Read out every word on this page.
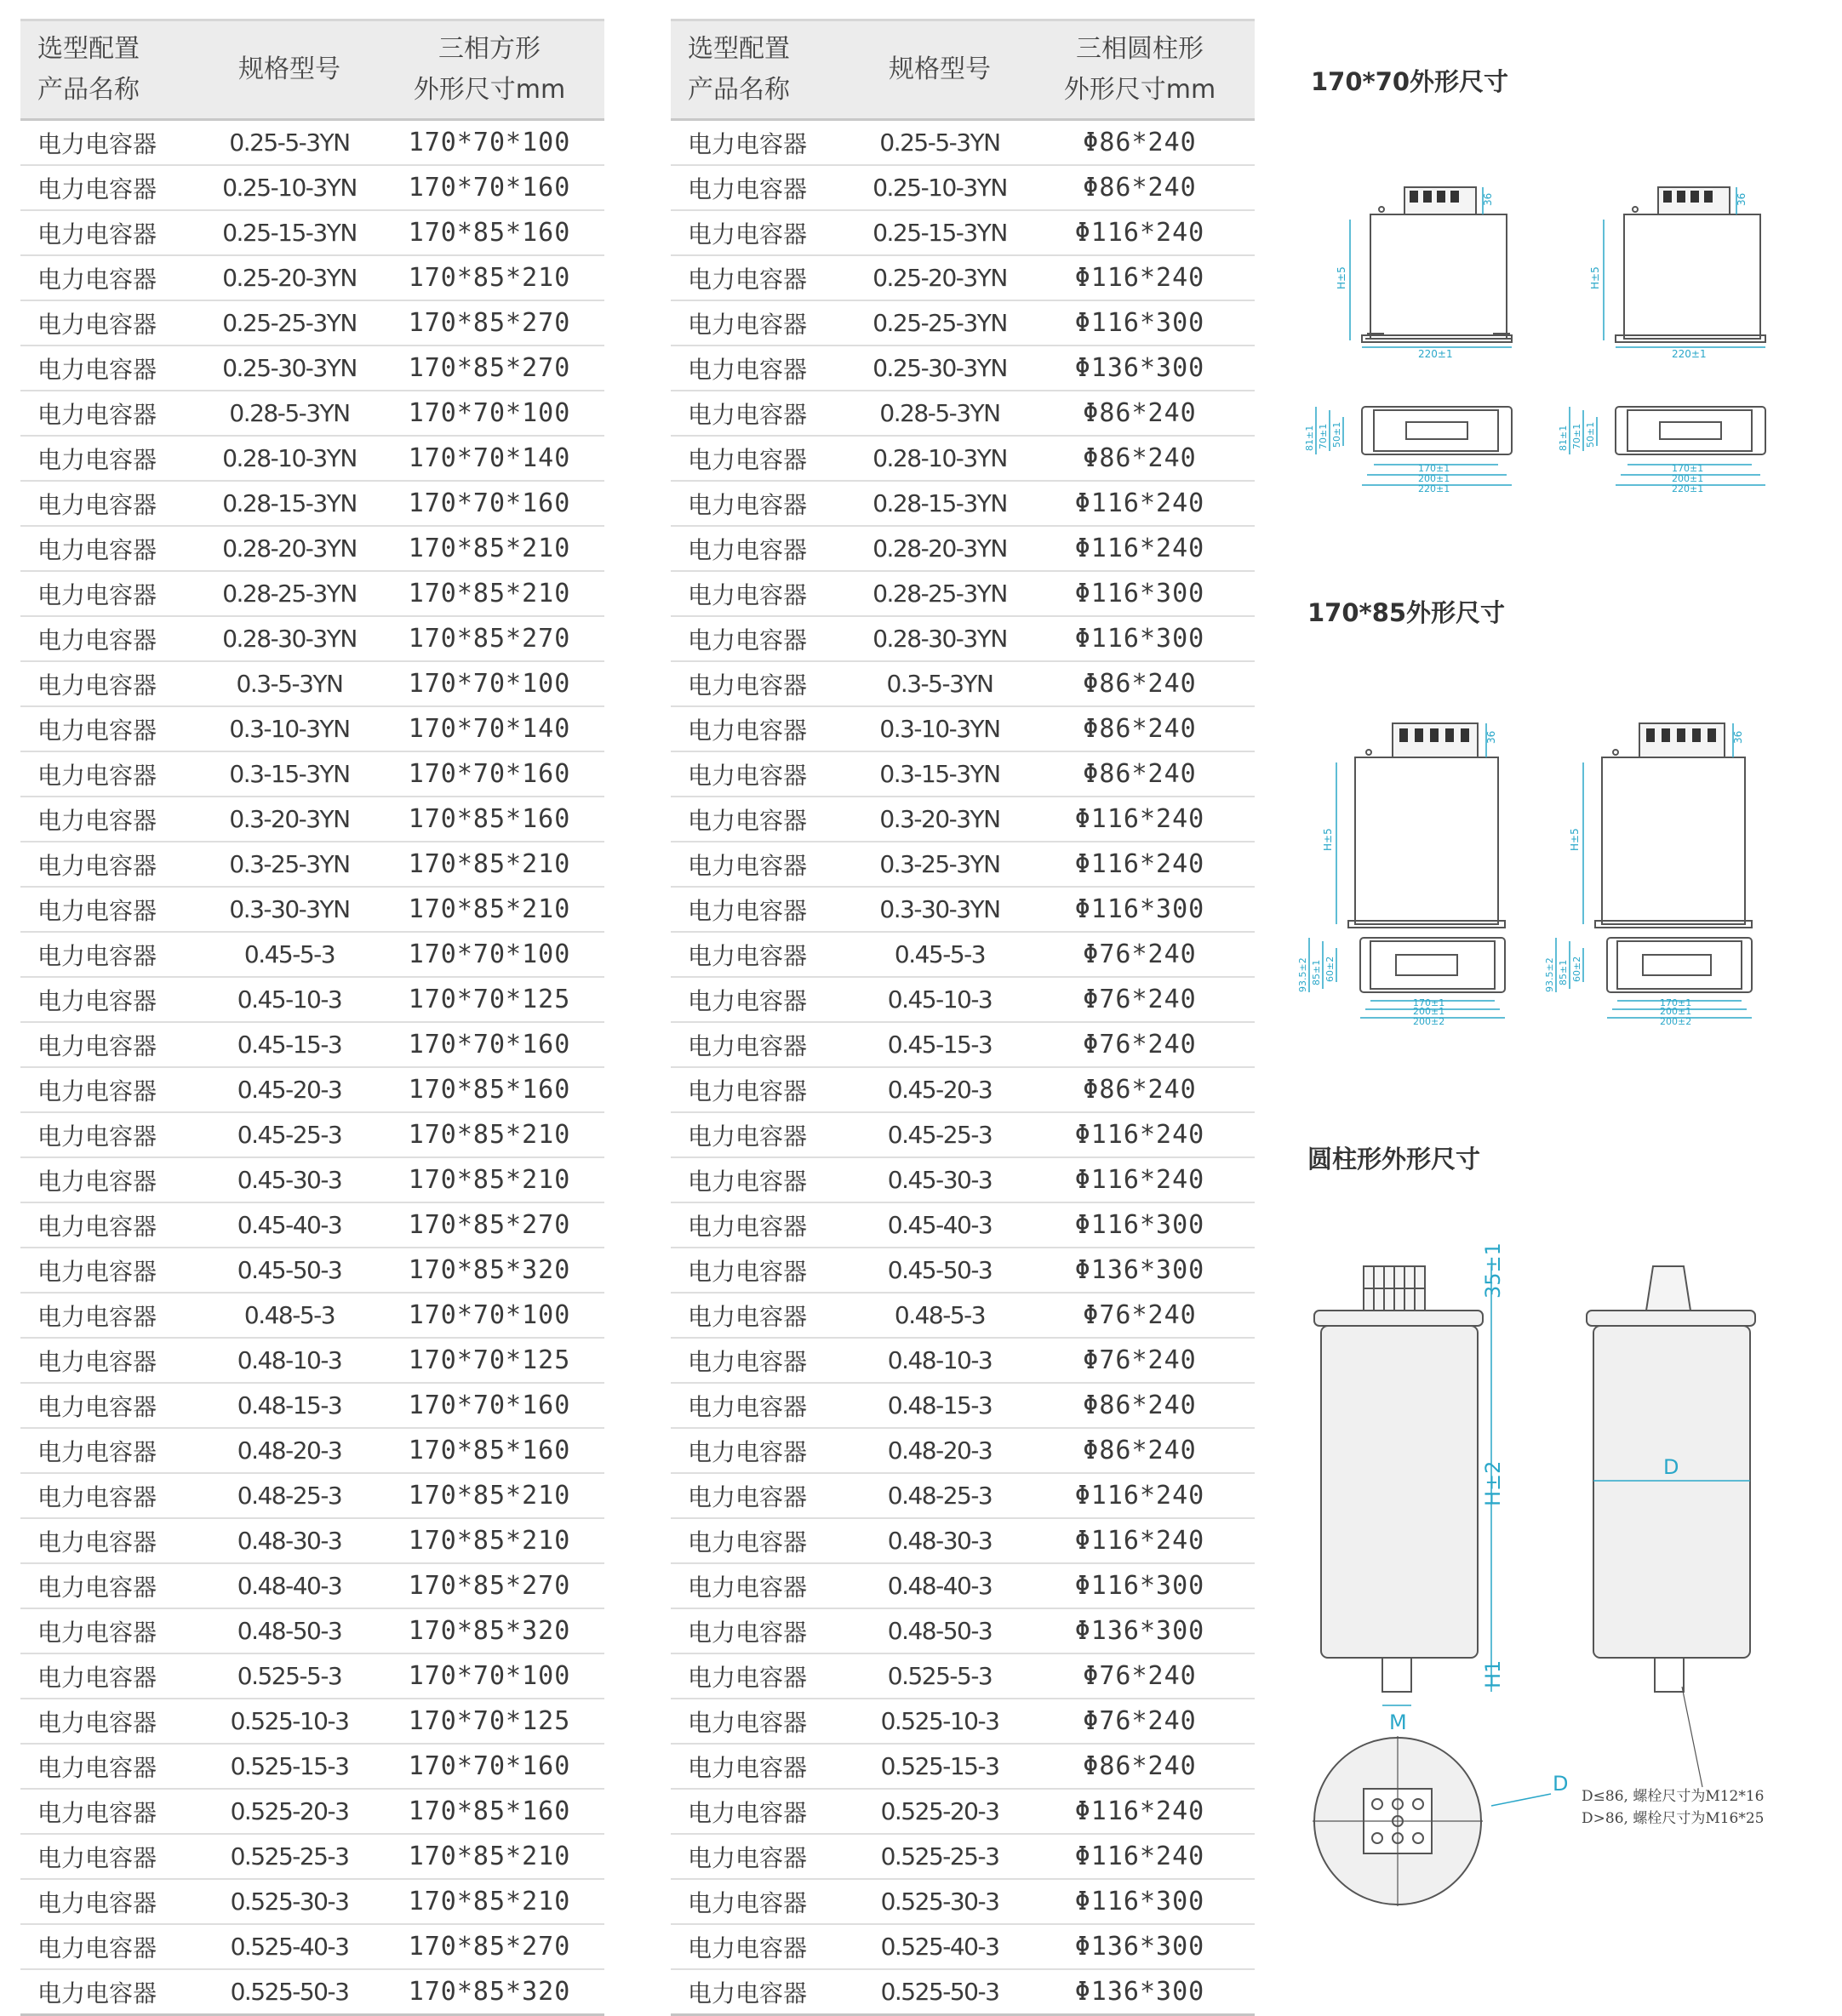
选型配置
产品名称	规格型号	三相方形
外形尺寸mm

电力电容器	0.25-5-3YN	170*70*100
电力电容器	0.25-10-3YN	170*70*160
电力电容器	0.25-15-3YN	170*85*160
电力电容器	0.25-20-3YN	170*85*210
电力电容器	0.25-25-3YN	170*85*270
电力电容器	0.25-30-3YN	170*85*270
电力电容器	0.28-5-3YN	170*70*100
电力电容器	0.28-10-3YN	170*70*140
电力电容器	0.28-15-3YN	170*70*160
电力电容器	0.28-20-3YN	170*85*210
电力电容器	0.28-25-3YN	170*85*210
电力电容器	0.28-30-3YN	170*85*270
电力电容器	0.3-5-3YN	170*70*100
电力电容器	0.3-10-3YN	170*70*140
电力电容器	0.3-15-3YN	170*70*160
电力电容器	0.3-20-3YN	170*85*160
电力电容器	0.3-25-3YN	170*85*210
电力电容器	0.3-30-3YN	170*85*210
电力电容器	0.45-5-3	170*70*100
电力电容器	0.45-10-3	170*70*125
电力电容器	0.45-15-3	170*70*160
电力电容器	0.45-20-3	170*85*160
电力电容器	0.45-25-3	170*85*210
电力电容器	0.45-30-3	170*85*210
电力电容器	0.45-40-3	170*85*270
电力电容器	0.45-50-3	170*85*320
电力电容器	0.48-5-3	170*70*100
电力电容器	0.48-10-3	170*70*125
电力电容器	0.48-15-3	170*70*160
电力电容器	0.48-20-3	170*85*160
电力电容器	0.48-25-3	170*85*210
电力电容器	0.48-30-3	170*85*210
电力电容器	0.48-40-3	170*85*270
电力电容器	0.48-50-3	170*85*320
电力电容器	0.525-5-3	170*70*100
电力电容器	0.525-10-3	170*70*125
电力电容器	0.525-15-3	170*70*160
电力电容器	0.525-20-3	170*85*160
电力电容器	0.525-25-3	170*85*210
电力电容器	0.525-30-3	170*85*210
电力电容器	0.525-40-3	170*85*270
电力电容器	0.525-50-3	170*85*320
选型配置
产品名称	规格型号	三相圆柱形
外形尺寸mm

电力电容器	0.25-5-3YN	Φ86*240
电力电容器	0.25-10-3YN	Φ86*240
电力电容器	0.25-15-3YN	Φ116*240
电力电容器	0.25-20-3YN	Φ116*240
电力电容器	0.25-25-3YN	Φ116*300
电力电容器	0.25-30-3YN	Φ136*300
电力电容器	0.28-5-3YN	Φ86*240
电力电容器	0.28-10-3YN	Φ86*240
电力电容器	0.28-15-3YN	Φ116*240
电力电容器	0.28-20-3YN	Φ116*240
电力电容器	0.28-25-3YN	Φ116*300
电力电容器	0.28-30-3YN	Φ116*300
电力电容器	0.3-5-3YN	Φ86*240
电力电容器	0.3-10-3YN	Φ86*240
电力电容器	0.3-15-3YN	Φ86*240
电力电容器	0.3-20-3YN	Φ116*240
电力电容器	0.3-25-3YN	Φ116*240
电力电容器	0.3-30-3YN	Φ116*300
电力电容器	0.45-5-3	Φ76*240
电力电容器	0.45-10-3	Φ76*240
电力电容器	0.45-15-3	Φ76*240
电力电容器	0.45-20-3	Φ86*240
电力电容器	0.45-25-3	Φ116*240
电力电容器	0.45-30-3	Φ116*240
电力电容器	0.45-40-3	Φ116*300
电力电容器	0.45-50-3	Φ136*300
电力电容器	0.48-5-3	Φ76*240
电力电容器	0.48-10-3	Φ76*240
电力电容器	0.48-15-3	Φ86*240
电力电容器	0.48-20-3	Φ86*240
电力电容器	0.48-25-3	Φ116*240
电力电容器	0.48-30-3	Φ116*240
电力电容器	0.48-40-3	Φ116*300
电力电容器	0.48-50-3	Φ136*300
电力电容器	0.525-5-3	Φ76*240
电力电容器	0.525-10-3	Φ76*240
电力电容器	0.525-15-3	Φ86*240
电力电容器	0.525-20-3	Φ116*240
电力电容器	0.525-25-3	Φ116*240
电力电容器	0.525-30-3	Φ116*300
电力电容器	0.525-40-3	Φ136*300
电力电容器	0.525-50-3	Φ136*300
170*70外形尺寸
170*85外形尺寸
圆柱形外形尺寸
36
H±5
220±1
36
H±5
220±1
81±1 70±1 50±1
170±1
200±1
220±1
81±1 70±1 50±1
170±1
200±1
220±1
36
H±5
36
H±5
93.5±2 85±1 60±2
170±1
200±1
200±2
93.5±2 85±1 60±2
170±1
200±1
200±2
35±1
H±2
H1
M
D
D
D≤86, 螺栓尺寸为M12*16
D>86, 螺栓尺寸为M16*25
